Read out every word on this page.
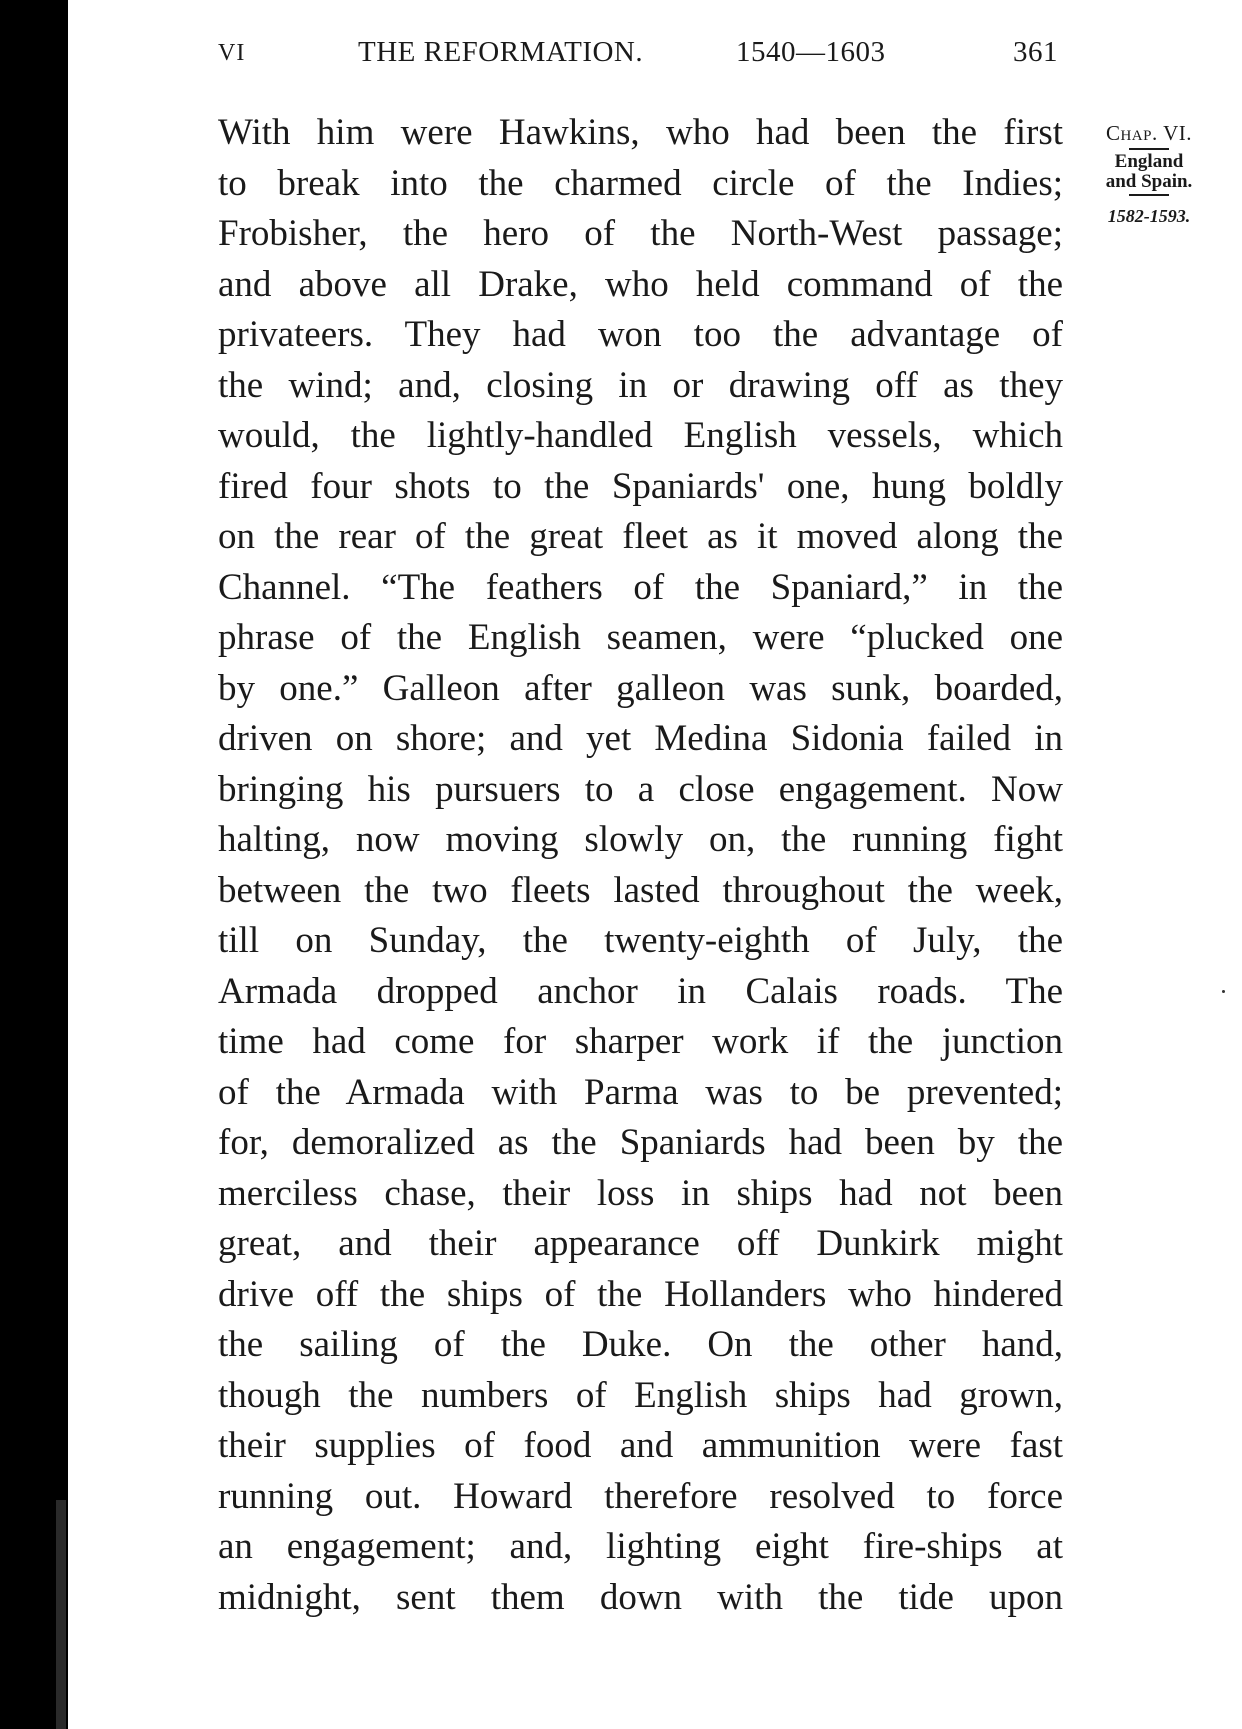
VI	THE REFORMATION.	1540—1603	361
With him were Hawkins, who had been the first
to break into the charmed circle of the Indies;
Frobisher, the hero of the North-West passage;
and above all Drake, who held command of the
privateers. They had won too the advantage of
the wind; and, closing in or drawing off as they
would, the lightly-handled English vessels, which
fired four shots to the Spaniards' one, hung boldly
on the rear of the great fleet as it moved along the
Channel. “The feathers of the Spaniard,” in the
phrase of the English seamen, were “plucked one
by one.” Galleon after galleon was sunk, boarded,
driven on shore; and yet Medina Sidonia failed in
bringing his pursuers to a close engagement. Now
halting, now moving slowly on, the running fight
between the two fleets lasted throughout the week,
till on Sunday, the twenty-eighth of July, the
Armada dropped anchor in Calais roads. The
time had come for sharper work if the junction
of the Armada with Parma was to be prevented;
for, demoralized as the Spaniards had been by the
merciless chase, their loss in ships had not been
great, and their appearance off Dunkirk might
drive off the ships of the Hollanders who hindered
the sailing of the Duke. On the other hand,
though the numbers of English ships had grown,
their supplies of food and ammunition were fast
running out. Howard therefore resolved to force
an engagement; and, lighting eight fire-ships at
midnight, sent them down with the tide upon
Chap. VI.
England
and Spain.
1582-1593.
